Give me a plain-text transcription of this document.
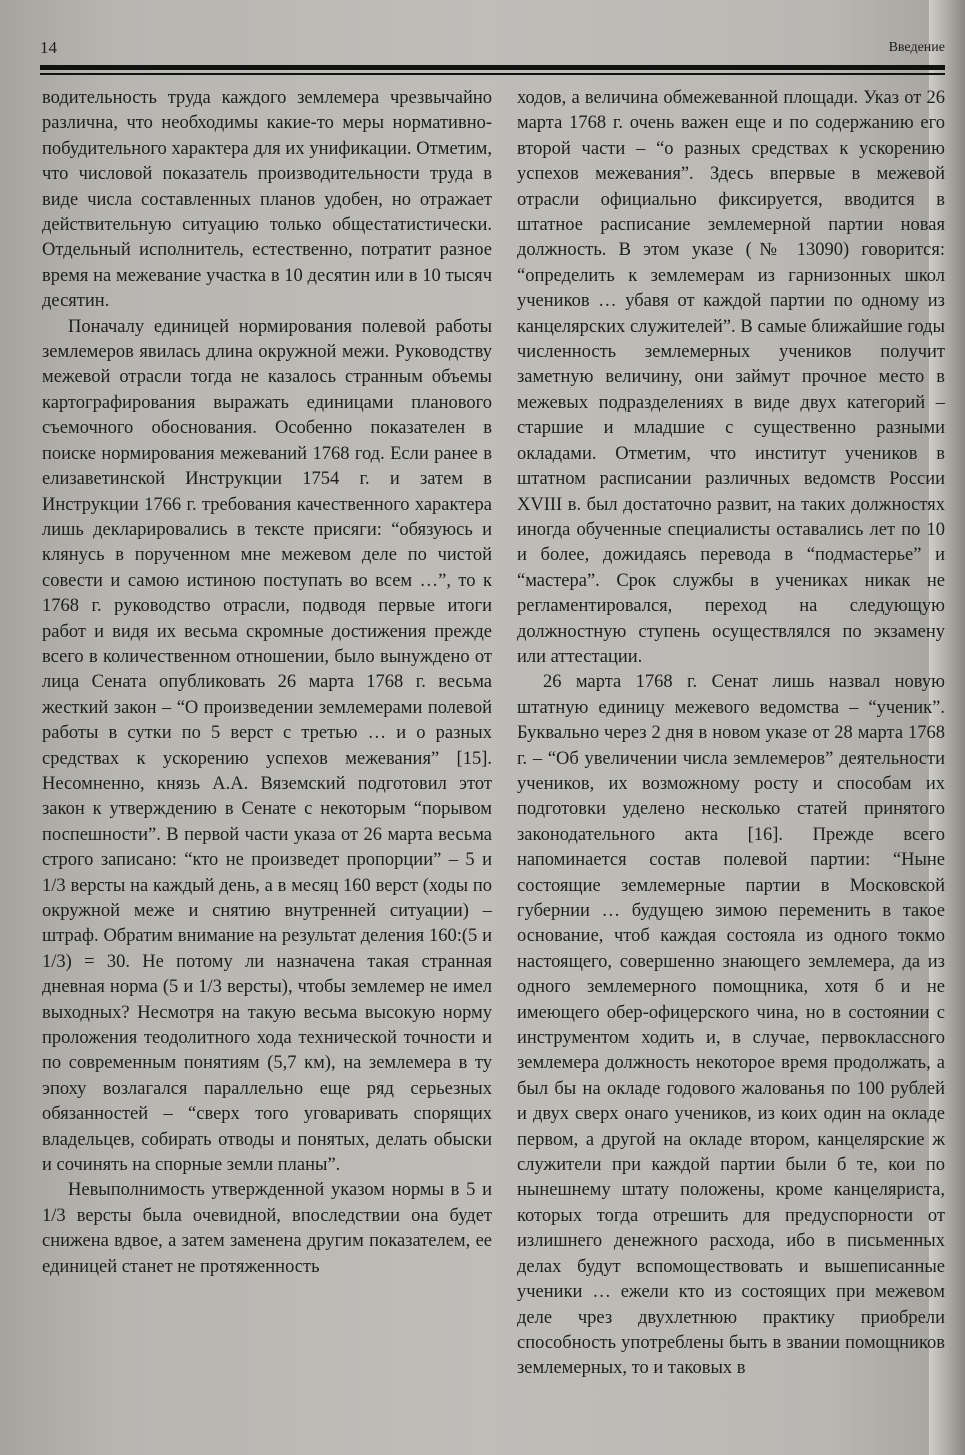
14	Введение

водительность труда каждого землемера чрезвычайно различна, что необходимы какие-то меры нормативно-побудительного характера для их унификации. Отметим, что числовой показатель производительности труда в виде числа составленных планов удобен, но отражает действительную ситуацию только общестатистически. Отдельный исполнитель, естественно, потратит разное время на межевание участка в 10 десятин или в 10 тысяч десятин.

Поначалу единицей нормирования полевой работы землемеров явилась длина окружной межи. Руководству межевой отрасли тогда не казалось странным объемы картографирования выражать единицами планового съемочного обоснования. Особенно показателен в поиске нормирования межеваний 1768 год. Если ранее в елизаветинской Инструкции 1754 г. и затем в Инструкции 1766 г. требования качественного характера лишь декларировались в тексте присяги: “обязуюсь и клянусь в порученном мне межевом деле по чистой совести и самою истиною поступать во всем …”, то к 1768 г. руководство отрасли, подводя первые итоги работ и видя их весьма скромные достижения прежде всего в количественном отношении, было вынуждено от лица Сената опубликовать 26 марта 1768 г. весьма жесткий закон – “О произведении землемерами полевой работы в сутки по 5 верст с третью … и о разных средствах к ускорению успехов межевания” [15]. Несомненно, князь А.А. Вяземский подготовил этот закон к утверждению в Сенате с некоторым “порывом поспешности”. В первой части указа от 26 марта весьма строго записано: “кто не произведет пропорции” – 5 и 1/3 версты на каждый день, а в месяц 160 верст (ходы по окружной меже и снятию внутренней ситуации) – штраф. Обратим внимание на результат деления 160:(5 и 1/3) = 30. Не потому ли назначена такая странная дневная норма (5 и 1/3 версты), чтобы землемер не имел выходных? Несмотря на такую весьма высокую норму проложения теодолитного хода технической точности и по современным понятиям (5,7 км), на землемера в ту эпоху возлагался параллельно еще ряд серьезных обязанностей – “сверх того уговаривать спорящих владельцев, собирать отводы и понятых, делать обыски и сочинять на спорные земли планы”.

Невыполнимость утвержденной указом нормы в 5 и 1/3 версты была очевидной, впоследствии она будет снижена вдвое, а затем заменена другим показателем, ее единицей станет не протяженность

ходов, а величина обмежеванной площади. Указ от 26 марта 1768 г. очень важен еще и по содержанию его второй части – “о разных средствах к ускорению успехов межевания”. Здесь впервые в межевой отрасли официально фиксируется, вводится в штатное расписание землемерной партии новая должность. В этом указе (№ 13090) говорится: “определить к землемерам из гарнизонных школ учеников … убавя от каждой партии по одному из канцелярских служителей”. В самые ближайшие годы численность землемерных учеников получит заметную величину, они займут прочное место в межевых подразделениях в виде двух категорий – старшие и младшие с существенно разными окладами. Отметим, что институт учеников в штатном расписании различных ведомств России XVIII в. был достаточно развит, на таких должностях иногда обученные специалисты оставались лет по 10 и более, дожидаясь перевода в “подмастерье” и “мастера”. Срок службы в учениках никак не регламентировался, переход на следующую должностную ступень осуществлялся по экзамену или аттестации.

26 марта 1768 г. Сенат лишь назвал новую штатную единицу межевого ведомства – “ученик”. Буквально через 2 дня в новом указе от 28 марта 1768 г. – “Об увеличении числа землемеров” деятельности учеников, их возможному росту и способам их подготовки уделено несколько статей принятого законодательного акта [16]. Прежде всего напоминается состав полевой партии: “Ныне состоящие землемерные партии в Московской губернии … будущею зимою переменить в такое основание, чтоб каждая состояла из одного токмо настоящего, совершенно знающего землемера, да из одного землемерного помощника, хотя б и не имеющего обер-офицерского чина, но в состоянии с инструментом ходить и, в случае, первоклассного землемера должность некоторое время продолжать, а был бы на окладе годового жалованья по 100 рублей и двух сверх онаго учеников, из коих один на окладе первом, а другой на окладе втором, канцелярские ж служители при каждой партии были б те, кои по нынешнему штату положены, кроме канцеляриста, которых тогда отрешить для предуспорности от излишнего денежного расхода, ибо в письменных делах будут вспомоществовать и вышеписанные ученики … ежели кто из состоящих при межевом деле чрез двухлетнюю практику приобрели способность употреблены быть в звании помощников землемерных, то и таковых в
